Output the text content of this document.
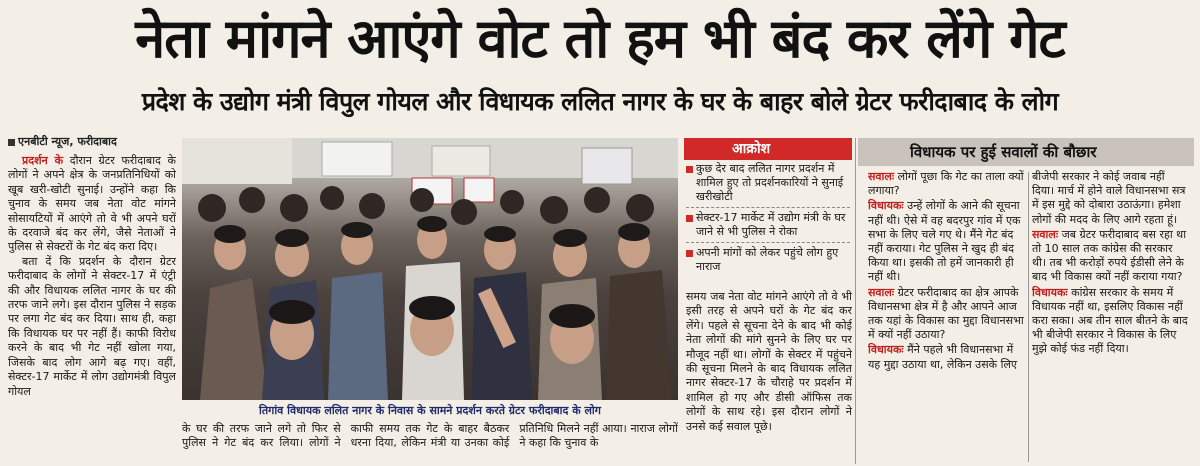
नेता मांगने आएंगे वोट तो हम भी बंद कर लेंगे गेट
प्रदेश के उद्योग मंत्री विपुल गोयल और विधायक ललित नागर के घर के बाहर बोले ग्रेटर फरीदाबाद के लोग
एनबीटी न्यूज, फरीदाबाद

प्रदर्शन के दौरान ग्रेटर फरीदाबाद के लोगों ने अपने क्षेत्र के जनप्रतिनिधियों को खूब खरी-खोटी सुनाई। उन्होंने कहा कि चुनाव के समय जब नेता वोट मांगने सोसायटियों में आएंगे तो वे भी अपने घरों के दरवाजे बंद कर लेंगे, जैसे नेताओं ने पुलिस से सेक्टरों के गेट बंद करा दिए।

बता दें कि प्रदर्शन के दौरान ग्रेटर फरीदाबाद के लोगों ने सेक्टर-17 में एंट्री की और विधायक ललित नागर के घर की तरफ जाने लगे। इस दौरान पुलिस ने सड़क पर लगा गेट बंद कर दिया। साथ ही, कहा कि विधायक घर पर नहीं हैं। काफी विरोध करने के बाद भी गेट नहीं खोला गया, जिसके बाद लोग आगे बढ़ गए। वहीं, सेक्टर-17 मार्केट में लोग उद्योगमंत्री विपुल गोयल

तिगांव विधायक ललित नागर के निवास के सामने प्रदर्शन करते ग्रेटर फरीदाबाद के लोग

के घर की तरफ जाने लगे तो फिर से पुलिस ने गेट बंद कर लिया। लोगों ने काफी समय तक गेट के बाहर बैठकर धरना दिया, लेकिन मंत्री या उनका कोई प्रतिनिधि मिलने नहीं आया। नाराज लोगों ने कहा कि चुनाव के

आक्रोश
कुछ देर बाद ललित नागर प्रदर्शन में शामिल हुए तो प्रदर्शनकारियों ने सुनाई खरीखोटी
सेक्टर-17 मार्केट में उद्योग मंत्री के घर जाने से भी पुलिस ने रोका
अपनी मांगों को लेकर पहुंचे लोग हुए नाराज

समय जब नेता वोट मांगने आएंगे तो वे भी इसी तरह से अपने घरों के गेट बंद कर लेंगे। पहले से सूचना देने के बाद भी कोई नेता लोगों की मांगे सुनने के लिए घर पर मौजूद नहीं था। लोगों के सेक्टर में पहुंचने की सूचना मिलने के बाद विधायक ललित नागर सेक्टर-17 के चौराहे पर प्रदर्शन में शामिल हो गए और डीसी ऑफिस तक लोगों के साथ रहे। इस दौरान लोगों ने उनसे कई सवाल पूछे।

विधायक पर हुई सवालों की बौछार
सवालः लोगों पूछा कि गेट का ताला क्यों लगाया?
विधायकः उन्हें लोगों के आने की सूचना नहीं थी। ऐसे में वह बदरपुर गांव में एक सभा के लिए चले गए थे। मैंने गेट बंद नहीं कराया। गेट पुलिस ने खुद ही बंद किया था। इसकी तो हमें जानकारी ही नहीं थी।
सवालः ग्रेटर फरीदाबाद का क्षेत्र आपके विधानसभा क्षेत्र में है और आपने आज तक यहां के विकास का मुद्दा विधानसभा में क्यों नहीं उठाया?
विधायकः मैंने पहले भी विधानसभा में यह मुद्दा उठाया था, लेकिन उसके लिए
बीजेपी सरकार ने कोई जवाब नहीं दिया। मार्च में होने वाले विधानसभा सत्र में इस मुद्दे को दोबारा उठाऊंगा। हमेशा लोगों की मदद के लिए आगे रहता हूं।
सवालः जब ग्रेटर फरीदाबाद बस रहा था तो 10 साल तक कांग्रेस की सरकार थी। तब भी करोड़ों रुपये ईडीसी लेने के बाद भी विकास क्यों नहीं कराया गया?
विधायकः कांग्रेस सरकार के समय में विधायक नहीं था, इसलिए विकास नहीं करा सका। अब तीन साल बीतने के बाद भी बीजेपी सरकार ने विकास के लिए मुझे कोई फंड नहीं दिया।
